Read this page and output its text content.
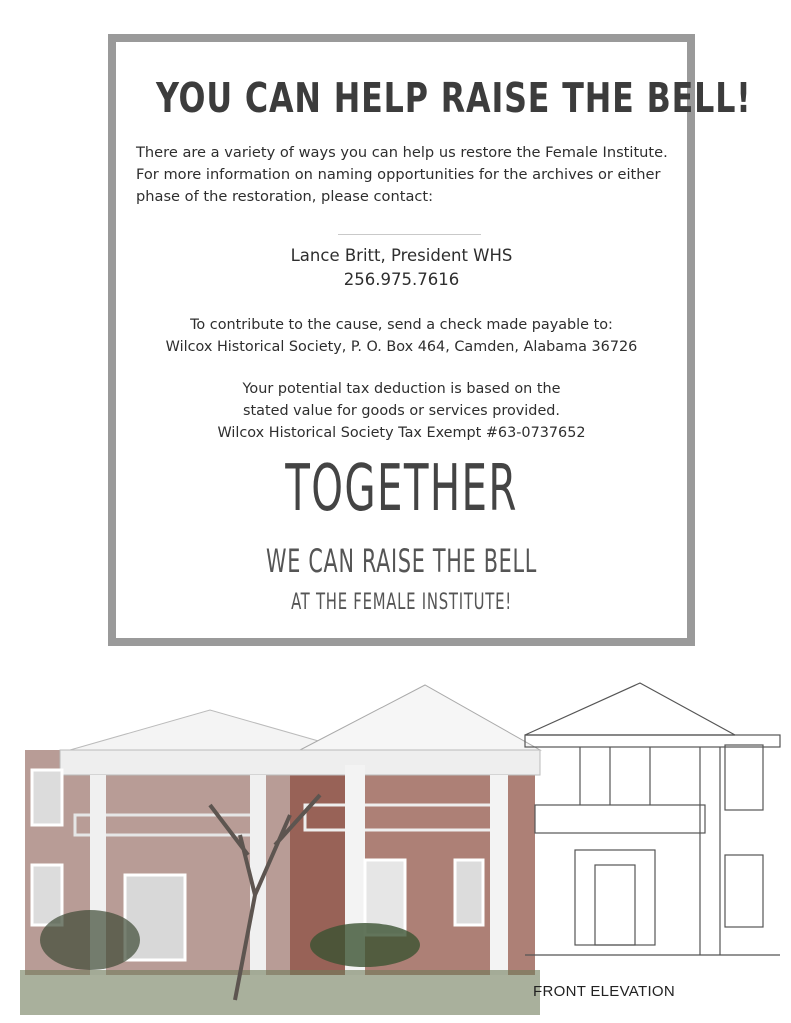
YOU CAN HELP RAISE THE BELL!

There are a variety of ways you can help us restore the Female Institute.
For more information on naming opportunities for the archives or either
phase of the restoration, please contact:

Lance Britt, President WHS

256.975.7616

To contribute to the cause, send a check made payable to:
Wilcox Historical Society, P. O. Box 464, Camden, Alabama 36726

Your potential tax deduction is based on the
stated value for goods or services provided.
Wilcox Historical Society Tax Exempt #63-0737652

TOGETHER

WE CAN RAISE THE BELL

AT THE FEMALE INSTITUTE!

FRONT ELEVATION
